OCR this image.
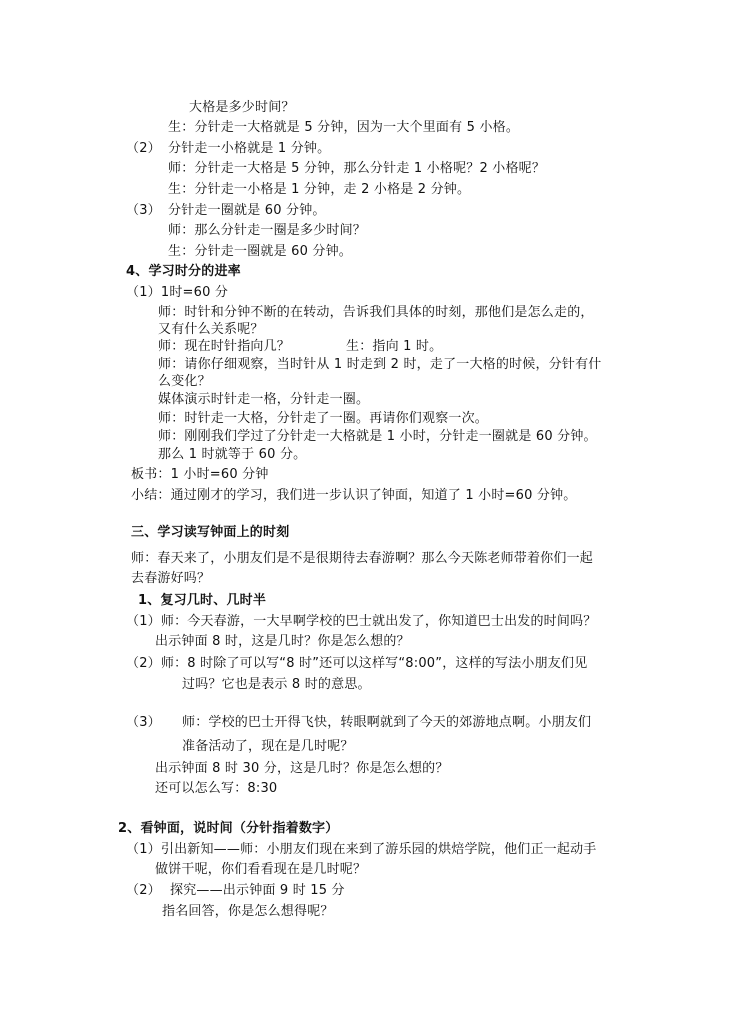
大格是多少时间？
生：分针走一大格就是 5 分钟，因为一大个里面有 5 小格。
（2） 分针走一小格就是 1 分钟。
师：分针走一大格是 5 分钟，那么分针走 1 小格呢？2 小格呢？
生：分针走一小格是 1 分钟，走 2 小格是 2 分钟。
（3） 分针走一圈就是 60 分钟。
师：那么分针走一圈是多少时间？
生：分针走一圈就是 60 分钟。
4、学习时分的进率
（1）1时=60 分
师：时针和分钟不断的在转动，告诉我们具体的时刻，那他们是怎么走的，
又有什么关系呢？
师：现在时针指向几？	生：指向 1 时。
师：请你仔细观察，当时针从 1 时走到 2 时，走了一大格的时候，分针有什
么变化？
媒体演示时针走一格，分针走一圈。
师：时针走一大格，分针走了一圈。再请你们观察一次。
师：刚刚我们学过了分针走一大格就是 1 小时，分针走一圈就是 60 分钟。
那么 1 时就等于 60 分。
板书：1 小时=60 分钟
小结：通过刚才的学习，我们进一步认识了钟面，知道了 1 小时=60 分钟。
三、学习读写钟面上的时刻
师：春天来了，小朋友们是不是很期待去春游啊？那么今天陈老师带着你们一起
去春游好吗？
1、复习几时、几时半
（1）师：今天春游，一大早啊学校的巴士就出发了，你知道巴士出发的时间吗？
出示钟面 8 时，这是几时？你是怎么想的？
（2）师：8 时除了可以写“8 时”还可以这样写“8:00”，这样的写法小朋友们见
过吗？它也是表示 8 时的意思。
（3） 师：学校的巴士开得飞快，转眼啊就到了今天的郊游地点啊。小朋友们
准备活动了，现在是几时呢？
出示钟面 8 时 30 分，这是几时？你是怎么想的？
还可以怎么写：8:30
2、看钟面，说时间（分针指着数字）
（1）引出新知——师：小朋友们现在来到了游乐园的烘焙学院，他们正一起动手
做饼干呢，你们看看现在是几时呢？
（2） 探究——出示钟面 9 时 15 分
指名回答，你是怎么想得呢？
